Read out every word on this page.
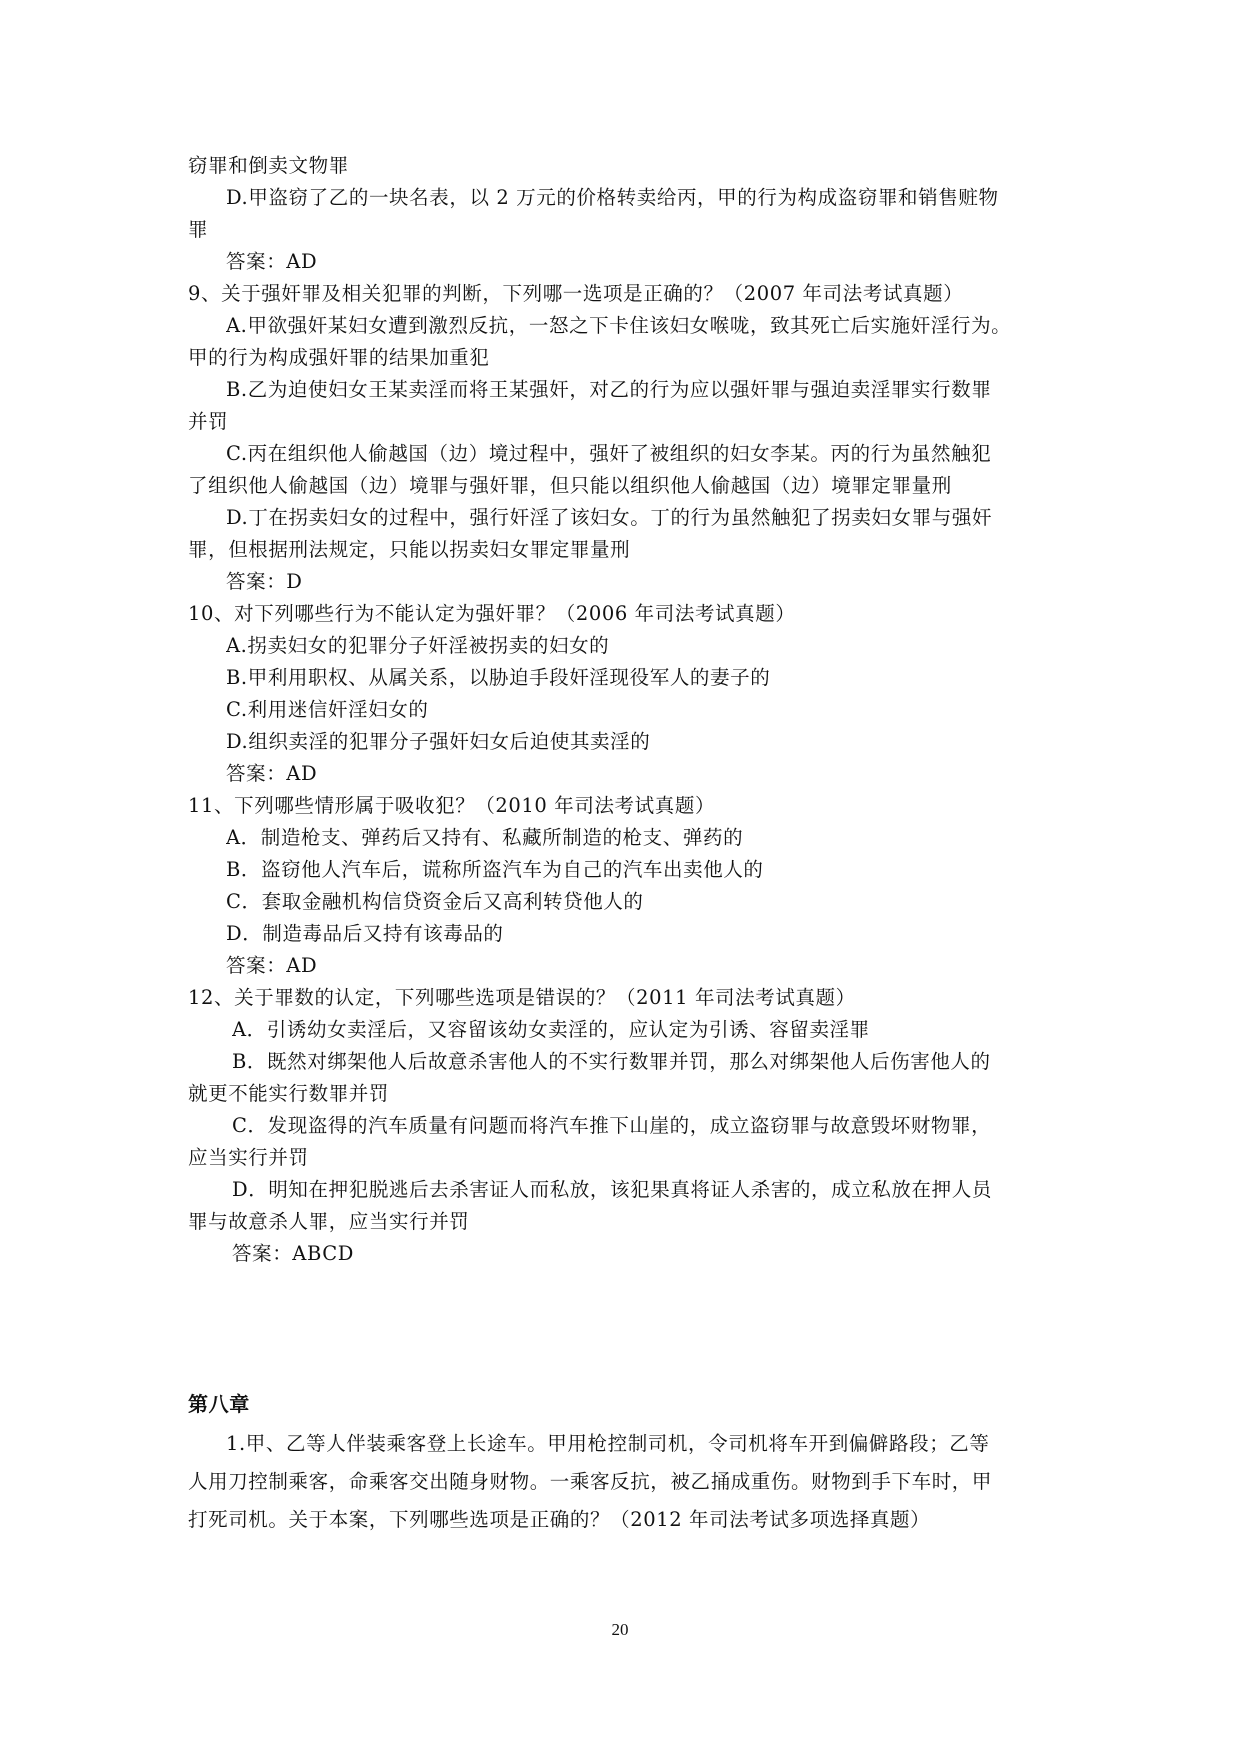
窃罪和倒卖文物罪
D.甲盗窃了乙的一块名表，以 2 万元的价格转卖给丙，甲的行为构成盗窃罪和销售赃物
罪
答案：AD
9、关于强奸罪及相关犯罪的判断，下列哪一选项是正确的？（2007 年司法考试真题）
A.甲欲强奸某妇女遭到激烈反抗，一怒之下卡住该妇女喉咙，致其死亡后实施奸淫行为。
甲的行为构成强奸罪的结果加重犯
B.乙为迫使妇女王某卖淫而将王某强奸，对乙的行为应以强奸罪与强迫卖淫罪实行数罪
并罚
C.丙在组织他人偷越国（边）境过程中，强奸了被组织的妇女李某。丙的行为虽然触犯
了组织他人偷越国（边）境罪与强奸罪，但只能以组织他人偷越国（边）境罪定罪量刑
D.丁在拐卖妇女的过程中，强行奸淫了该妇女。丁的行为虽然触犯了拐卖妇女罪与强奸
罪，但根据刑法规定，只能以拐卖妇女罪定罪量刑
答案：D
10、对下列哪些行为不能认定为强奸罪？（2006 年司法考试真题）
A.拐卖妇女的犯罪分子奸淫被拐卖的妇女的
B.甲利用职权、从属关系，以胁迫手段奸淫现役军人的妻子的
C.利用迷信奸淫妇女的
D.组织卖淫的犯罪分子强奸妇女后迫使其卖淫的
答案：AD
11、下列哪些情形属于吸收犯？（2010 年司法考试真题）
A．制造枪支、弹药后又持有、私藏所制造的枪支、弹药的
B．盗窃他人汽车后，谎称所盗汽车为自己的汽车出卖他人的
C．套取金融机构信贷资金后又高利转贷他人的
D．制造毒品后又持有该毒品的
答案：AD
12、关于罪数的认定，下列哪些选项是错误的？（2011 年司法考试真题）
A．引诱幼女卖淫后，又容留该幼女卖淫的，应认定为引诱、容留卖淫罪
B．既然对绑架他人后故意杀害他人的不实行数罪并罚，那么对绑架他人后伤害他人的
就更不能实行数罪并罚
C．发现盗得的汽车质量有问题而将汽车推下山崖的，成立盗窃罪与故意毁坏财物罪，
应当实行并罚
D．明知在押犯脱逃后去杀害证人而私放，该犯果真将证人杀害的，成立私放在押人员
罪与故意杀人罪，应当实行并罚
答案：ABCD
第八章
1.甲、乙等人伴装乘客登上长途车。甲用枪控制司机，令司机将车开到偏僻路段；乙等
人用刀控制乘客，命乘客交出随身财物。一乘客反抗，被乙捅成重伤。财物到手下车时，甲
打死司机。关于本案，下列哪些选项是正确的？（2012 年司法考试多项选择真题）
20
